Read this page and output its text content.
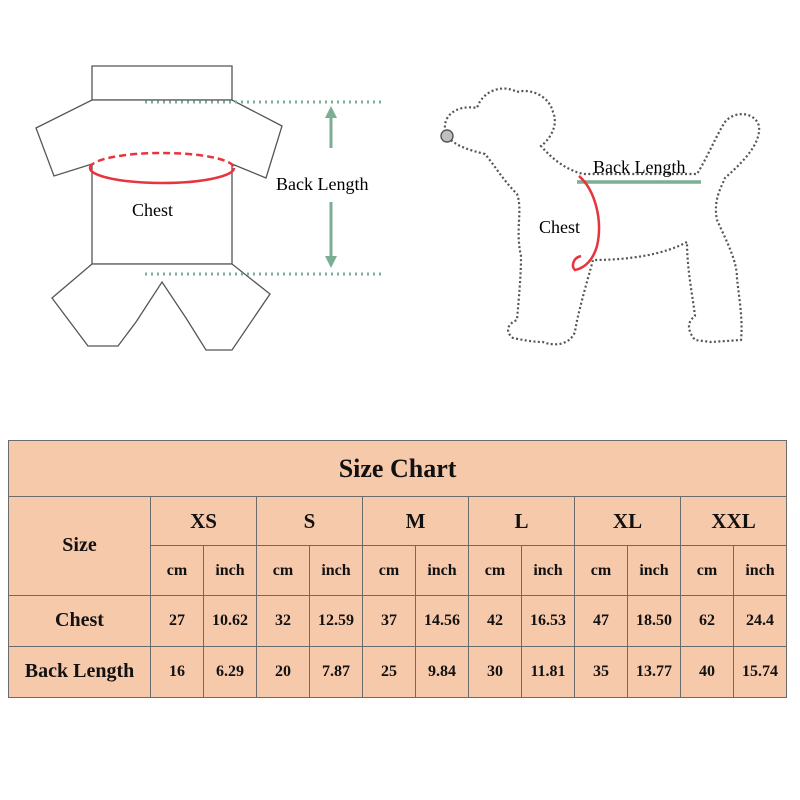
Back Length
Chest
Back Length
Chest
Size Chart												
Size	XS		S		M		L		XL		XXL	
	cm	inch	cm	inch	cm	inch	cm	inch	cm	inch	cm	inch
Chest	27	10.62	32	12.59	37	14.56	42	16.53	47	18.50	62	24.4
Back Length	16	6.29	20	7.87	25	9.84	30	11.81	35	13.77	40	15.74
